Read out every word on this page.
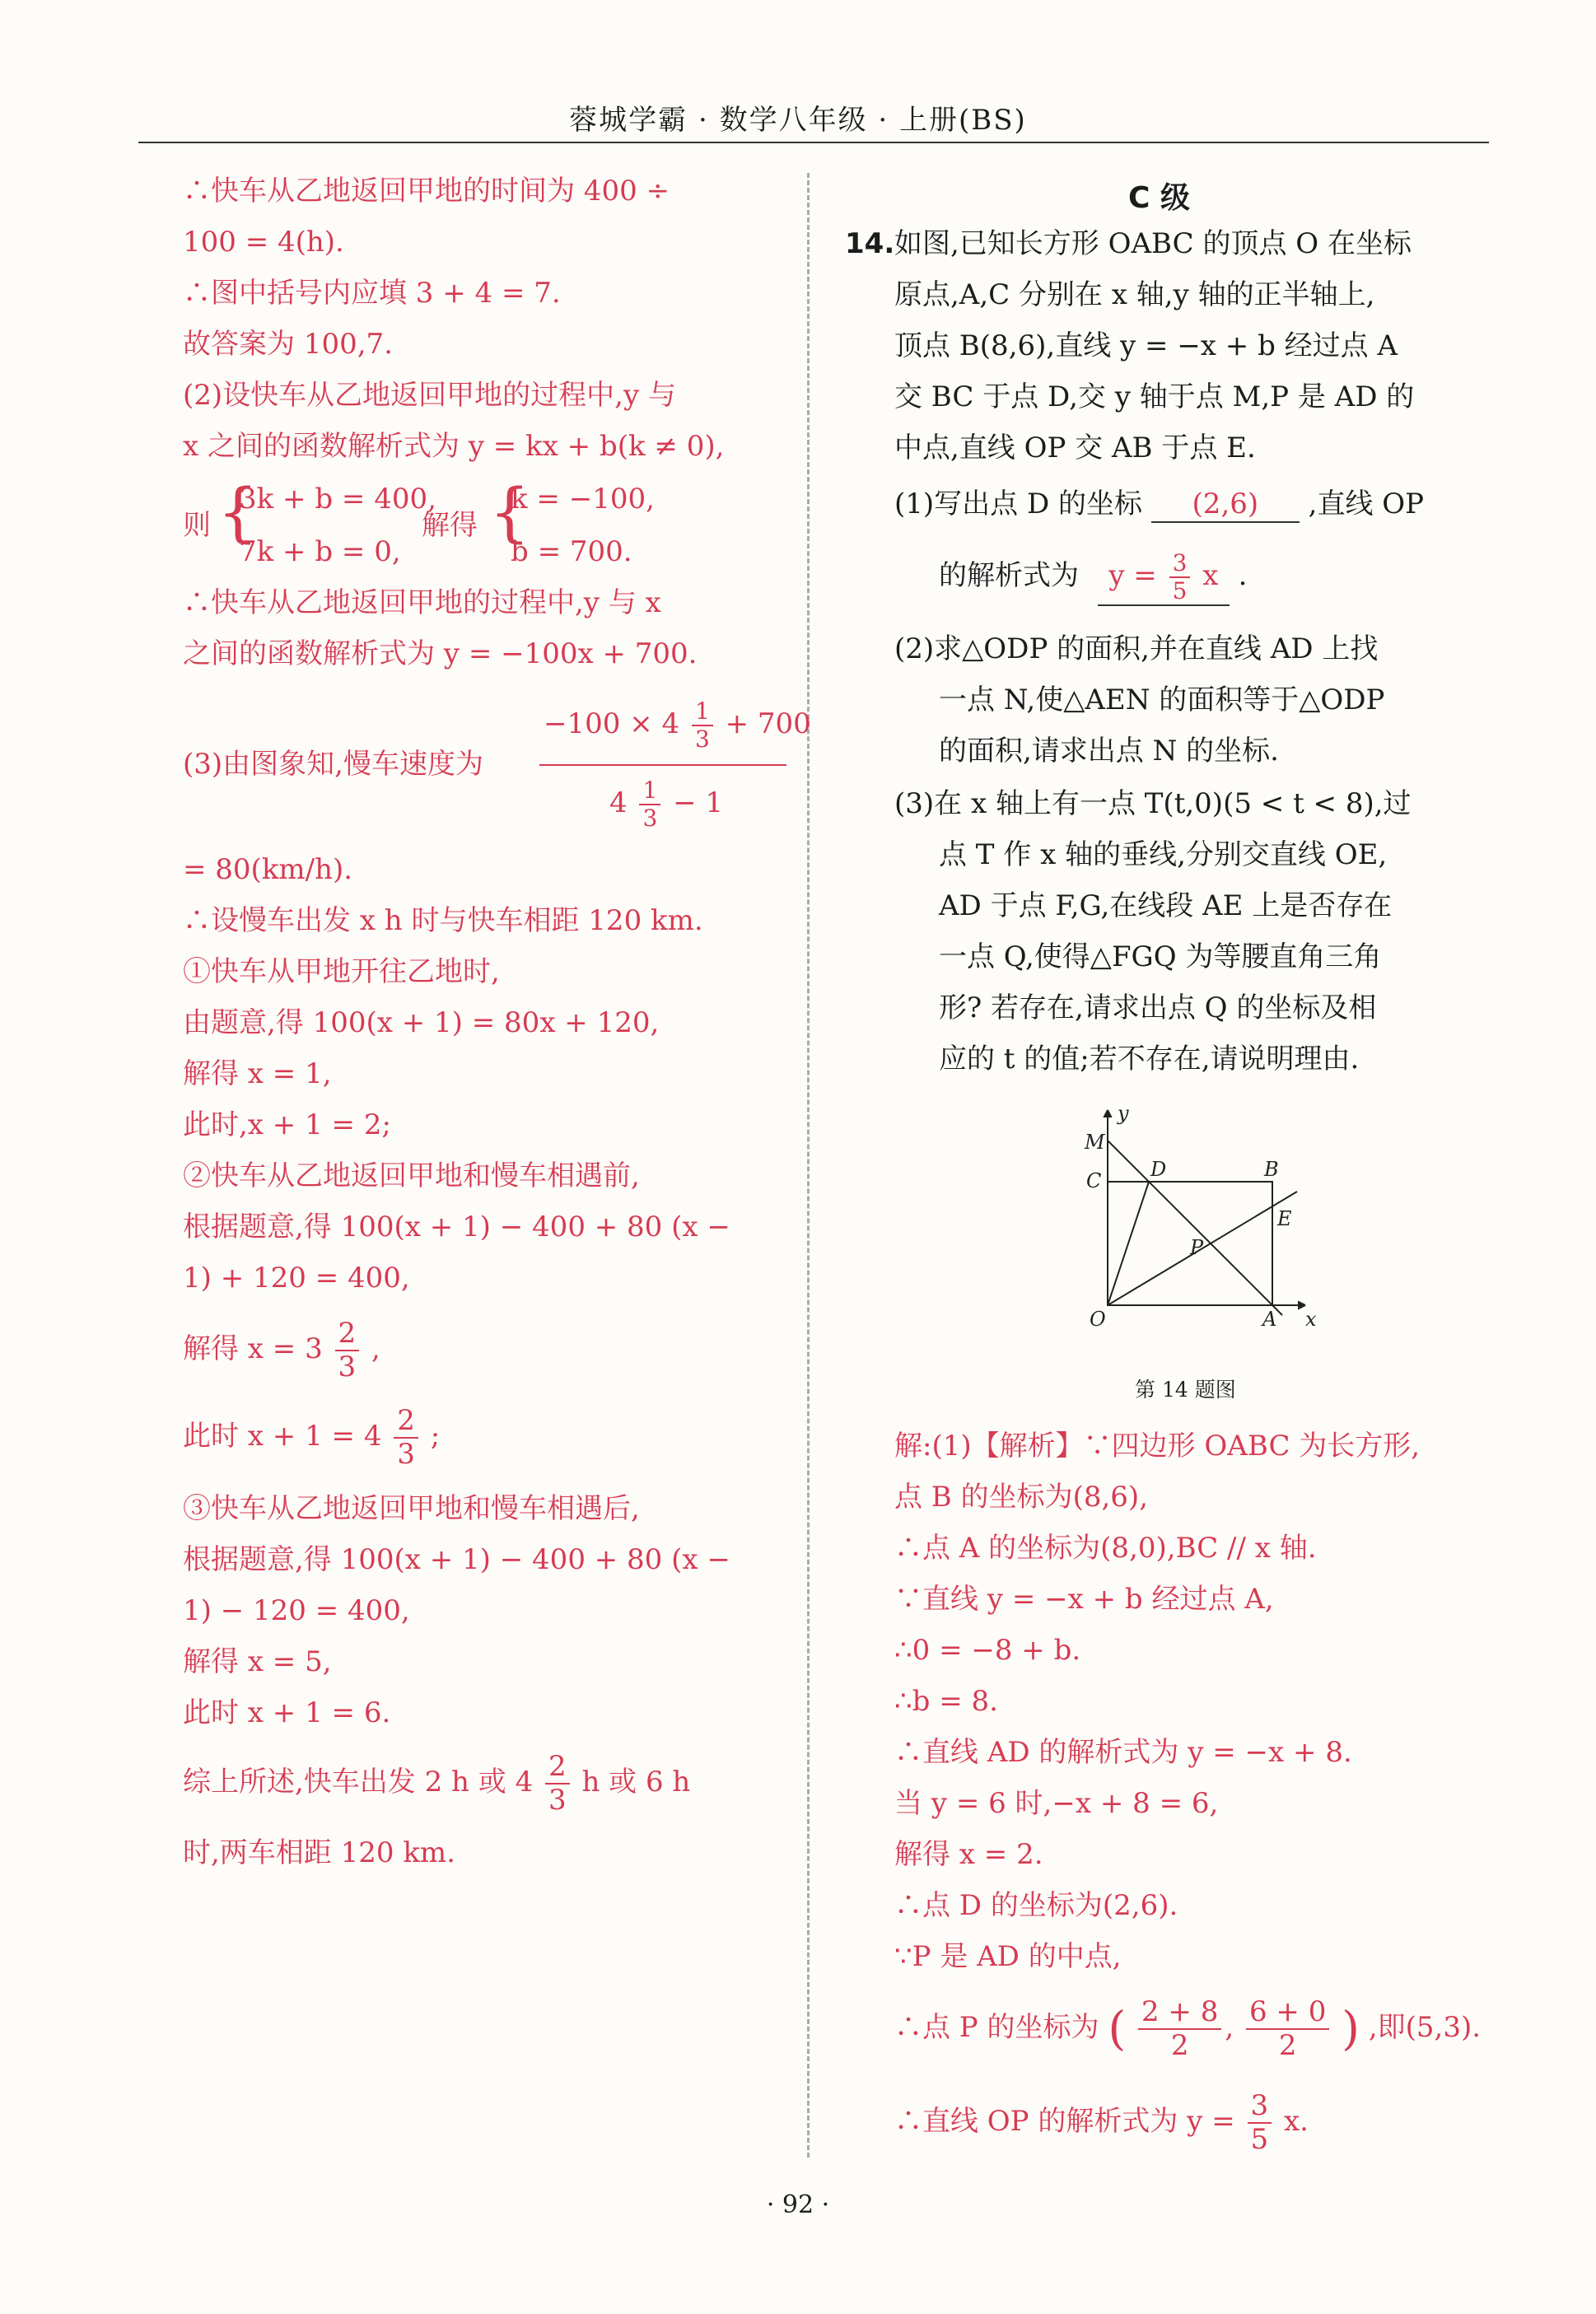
蓉城学霸 · 数学八年级 · 上册(BS)
∴快车从乙地返回甲地的时间为 400 ÷
100 = 4(h).
∴图中括号内应填 3 + 4 = 7.
故答案为 100,7.
(2)设快车从乙地返回甲地的过程中,y 与
x 之间的函数解析式为 y = kx + b(k ≠ 0),
则 {
3k + b = 400,
7k + b = 0,
解得 {
k = −100,
b = 700.
∴快车从乙地返回甲地的过程中,y 与 x
之间的函数解析式为 y = −100x + 700.
(3)由图象知,慢车速度为
$-100 \times 4 \frac{1}{3} + 700$
$4 \frac{1}{3} - 1$
= 80(km/h).
∴设慢车出发 x h 时与快车相距 120 km.
①快车从甲地开往乙地时,
由题意,得 100(x + 1) = 80x + 120,
解得 x = 1,
此时,x + 1 = 2;
②快车从乙地返回甲地和慢车相遇前,
根据题意,得 100(x + 1) − 400 + 80 (x −
1) + 120 = 400,
解得 $x = 3 \frac{2}{3}$ ,
此时 $x + 1 = 4 \frac{2}{3}$ ;
③快车从乙地返回甲地和慢车相遇后,
根据题意,得 100(x + 1) − 400 + 80 (x −
1) − 120 = 400,
解得 x = 5,
此时 x + 1 = 6.
综上所述,快车出发 2 h 或 $4 \frac{2}{3}$ h 或 6 h
时,两车相距 120 km.
C 级
14. 如图,已知长方形 OABC 的顶点 O 在坐标
原点,A,C 分别在 x 轴,y 轴的正半轴上,
顶点 B(8,6),直线 y = −x + b 经过点 A
交 BC 于点 D,交 y 轴于点 M,P 是 AD 的
中点,直线 OP 交 AB 于点 E.
(1)写出点 D 的坐标 (2,6) ,直线 OP
的解析式为 $y = \frac{3}{5}$ x .
(2)求△ODP 的面积,并在直线 AD 上找
一点 N,使△AEN 的面积等于△ODP
的面积,请求出点 N 的坐标.
(3)在 x 轴上有一点 T(t,0)(5 < t < 8),过
点 T 作 x 轴的垂线,分别交直线 OE,
AD 于点 F,G,在线段 AE 上是否存在
一点 Q,使得△FGQ 为等腰直角三角
形? 若存在,请求出点 Q 的坐标及相
应的 t 的值;若不存在,请说明理由.
y
M
C D	B
E
P
O	A x
第 14 题图
解:(1)【解析】∵四边形 OABC 为长方形,
点 B 的坐标为(8,6),
∴点 A 的坐标为(8,0),BC // x 轴.
∵直线 y = −x + b 经过点 A,
∴0 = −8 + b.
∴b = 8.
∴直线 AD 的解析式为 y = −x + 8.
当 y = 6 时,−x + 8 = 6,
解得 x = 2.
∴点 D 的坐标为(2,6).
∵P 是 AD 的中点,
∴点 P 的坐标为 ( $\frac{2 + 8}{2}$ , $\frac{6 + 0}{2}$ ) ,即(5,3).
∴直线 OP 的解析式为 $y = \frac{3}{5} x$.
· 92 ·
